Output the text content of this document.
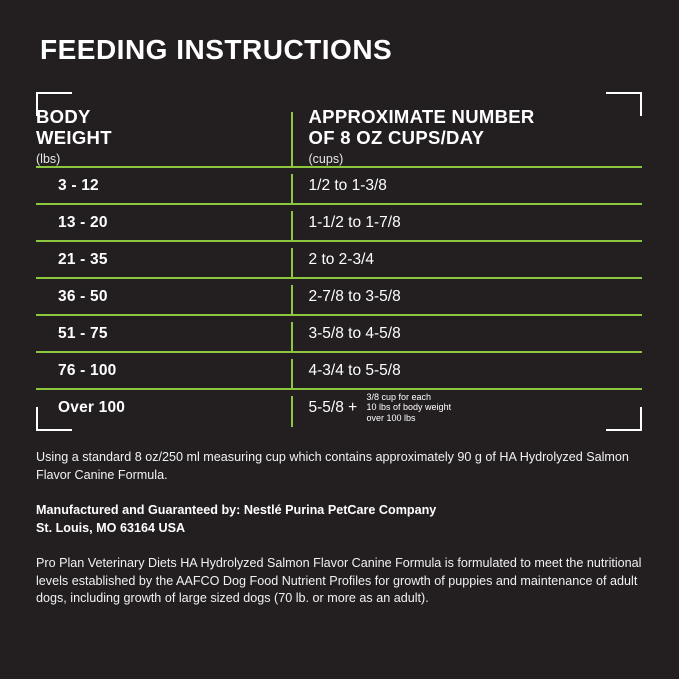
FEEDING INSTRUCTIONS
BODY
WEIGHT
(lbs)

APPROXIMATE NUMBER
OF 8 OZ CUPS/DAY
(cups)

3 - 12	1/2 to 1-3/8
13 - 20	1-1/2 to 1-7/8
21 - 35	2 to 2-3/4
36 - 50	2-7/8 to 3-5/8
51 - 75	3-5/8 to 4-5/8
76 - 100	4-3/4 to 5-5/8
Over 100	5-5/8 + 3/8 cup for each
10 lbs of body weight
over 100 lbs

Using a standard 8 oz/250 ml measuring cup which contains approximately 90 g of HA Hydrolyzed Salmon Flavor Canine Formula.

Manufactured and Guaranteed by: Nestlé Purina PetCare Company
St. Louis, MO 63164 USA

Pro Plan Veterinary Diets HA Hydrolyzed Salmon Flavor Canine Formula is formulated to meet the nutritional levels established by the AAFCO Dog Food Nutrient Profiles for growth of puppies and maintenance of adult dogs, including growth of large sized dogs (70 lb. or more as an adult).
